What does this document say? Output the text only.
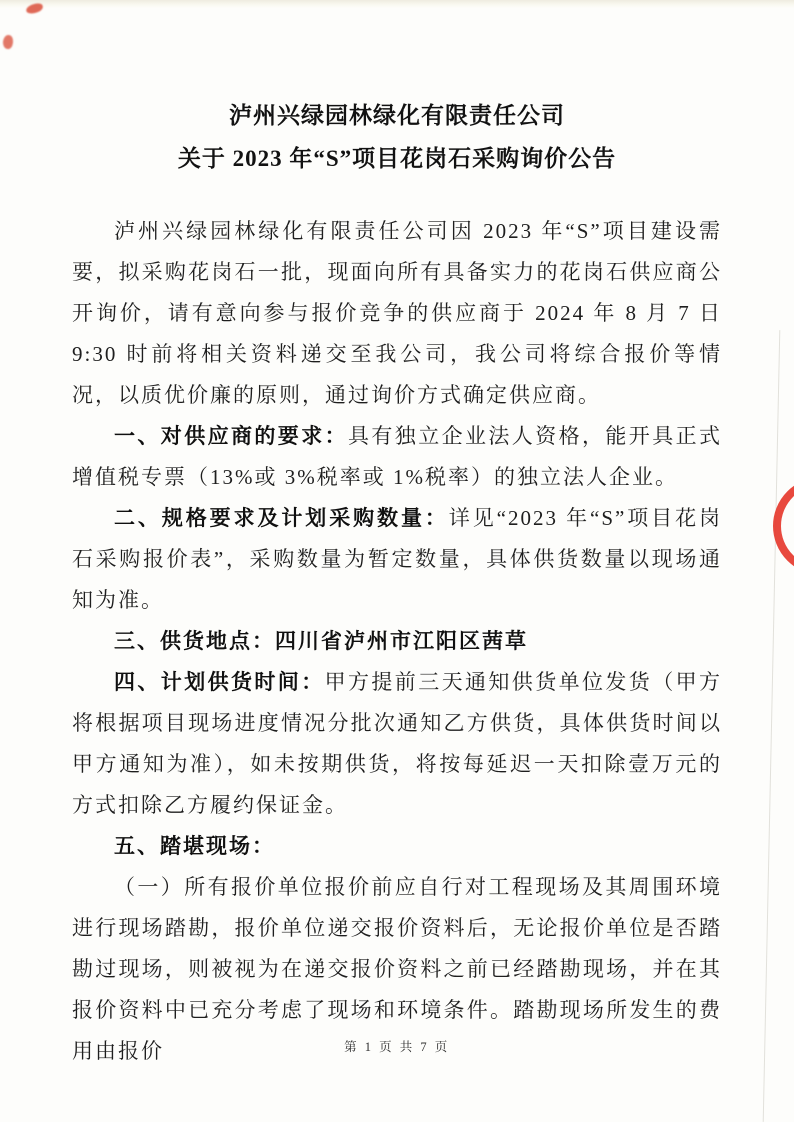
泸州兴绿园林绿化有限责任公司
关于 2023 年“S”项目花岗石采购询价公告

泸州兴绿园林绿化有限责任公司因 2023 年“S”项目建设需要，拟采购花岗石一批，现面向所有具备实力的花岗石供应商公开询价，请有意向参与报价竞争的供应商于 2024 年 8 月 7 日 9:30 时前将相关资料递交至我公司，我公司将综合报价等情况，以质优价廉的原则，通过询价方式确定供应商。

一、对供应商的要求：具有独立企业法人资格，能开具正式增值税专票（13%或 3%税率或 1%税率）的独立法人企业。

二、规格要求及计划采购数量：详见“2023 年“S”项目花岗石采购报价表”，采购数量为暂定数量，具体供货数量以现场通知为准。

三、供货地点：四川省泸州市江阳区茜草

四、计划供货时间：甲方提前三天通知供货单位发货（甲方将根据项目现场进度情况分批次通知乙方供货，具体供货时间以甲方通知为准），如未按期供货，将按每延迟一天扣除壹万元的方式扣除乙方履约保证金。

五、踏堪现场：

（一）所有报价单位报价前应自行对工程现场及其周围环境进行现场踏勘，报价单位递交报价资料后，无论报价单位是否踏勘过现场，则被视为在递交报价资料之前已经踏勘现场，并在其报价资料中已充分考虑了现场和环境条件。踏勘现场所发生的费用由报价	第 1 页 共 7 页
